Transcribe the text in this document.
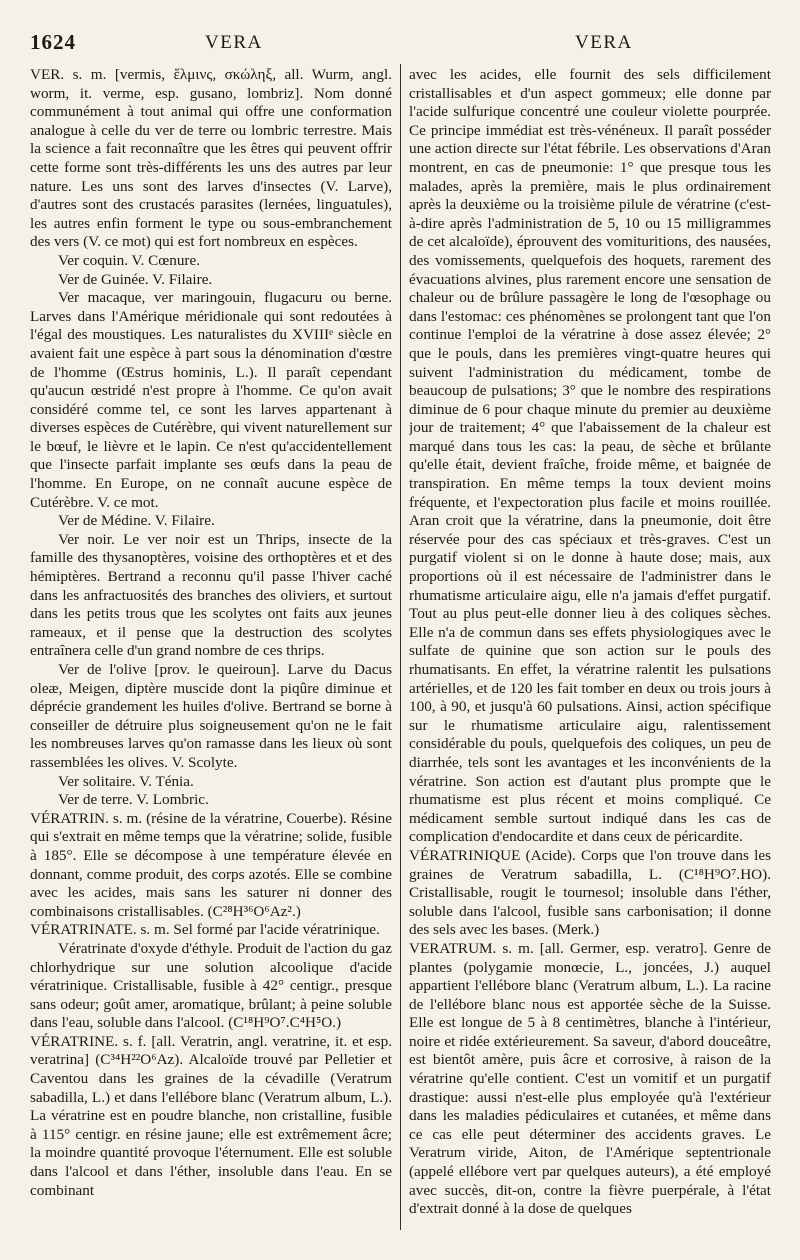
1624	VERA	VERA

VER. s. m. [vermis, ἕλμινς, σκώληξ, all. Wurm, angl. worm, it. verme, esp. gusano, lombriz]. Nom donné communément à tout animal qui offre une conformation analogue à celle du ver de terre ou lombric terrestre. Mais la science a fait reconnaître que les êtres qui peuvent offrir cette forme sont très-différents les uns des autres par leur nature. Les uns sont des larves d'insectes (V. Larve), d'autres sont des crustacés parasites (lernées, linguatules), les autres enfin forment le type ou sous-embranchement des vers (V. ce mot) qui est fort nombreux en espèces.

Ver coquin. V. Cœnure.

Ver de Guinée. V. Filaire.

Ver macaque, ver maringouin, flugacuru ou berne. Larves dans l'Amérique méridionale qui sont redoutées à l'égal des moustiques. Les naturalistes du XVIIIᵉ siècle en avaient fait une espèce à part sous la dénomination d'œstre de l'homme (Œstrus hominis, L.). Il paraît cependant qu'aucun œstridé n'est propre à l'homme. Ce qu'on avait considéré comme tel, ce sont les larves appartenant à diverses espèces de Cutérèbre, qui vivent naturellement sur le bœuf, le lièvre et le lapin. Ce n'est qu'accidentellement que l'insecte parfait implante ses œufs dans la peau de l'homme. En Europe, on ne connaît aucune espèce de Cutérèbre. V. ce mot.

Ver de Médine. V. Filaire.

Ver noir. Le ver noir est un Thrips, insecte de la famille des thysanoptères, voisine des orthoptères et et des hémiptères. Bertrand a reconnu qu'il passe l'hiver caché dans les anfractuosités des branches des oliviers, et surtout dans les petits trous que les scolytes ont faits aux jeunes rameaux, et il pense que la destruction des scolytes entraînera celle d'un grand nombre de ces thrips.

Ver de l'olive [prov. le queiroun]. Larve du Dacus oleæ, Meigen, diptère muscide dont la piqûre diminue et déprécie grandement les huiles d'olive. Bertrand se borne à conseiller de détruire plus soigneusement qu'on ne le fait les nombreuses larves qu'on ramasse dans les lieux où sont rassemblées les olives. V. Scolyte.

Ver solitaire. V. Ténia.

Ver de terre. V. Lombric.

VÉRATRIN. s. m. (résine de la vératrine, Couerbe). Résine qui s'extrait en même temps que la vératrine; solide, fusible à 185°. Elle se décompose à une température élevée en donnant, comme produit, des corps azotés. Elle se combine avec les acides, mais sans les saturer ni donner des combinaisons cristallisables. (C²⁸H³⁶O⁶Az².)

VÉRATRINATE. s. m. Sel formé par l'acide vératrinique.

Vératrinate d'oxyde d'éthyle. Produit de l'action du gaz chlorhydrique sur une solution alcoolique d'acide vératrinique. Cristallisable, fusible à 42° centigr., presque sans odeur; goût amer, aromatique, brûlant; à peine soluble dans l'eau, soluble dans l'alcool. (C¹⁸H⁹O⁷.C⁴H⁵O.)

VÉRATRINE. s. f. [all. Veratrin, angl. veratrine, it. et esp. veratrina] (C³⁴H²²O⁶Az). Alcaloïde trouvé par Pelletier et Caventou dans les graines de la cévadille (Veratrum sabadilla, L.) et dans l'ellébore blanc (Veratrum album, L.). La vératrine est en poudre blanche, non cristalline, fusible à 115° centigr. en résine jaune; elle est extrêmement âcre; la moindre quantité provoque l'éternument. Elle est soluble dans l'alcool et dans l'éther, insoluble dans l'eau. En se combinant

avec les acides, elle fournit des sels difficilement cristallisables et d'un aspect gommeux; elle donne par l'acide sulfurique concentré une couleur violette pourprée. Ce principe immédiat est très-vénéneux. Il paraît posséder une action directe sur l'état fébrile. Les observations d'Aran montrent, en cas de pneumonie: 1° que presque tous les malades, après la première, mais le plus ordinairement après la deuxième ou la troisième pilule de vératrine (c'est-à-dire après l'administration de 5, 10 ou 15 milligrammes de cet alcaloïde), éprouvent des vomituritions, des nausées, des vomissements, quelquefois des hoquets, rarement des évacuations alvines, plus rarement encore une sensation de chaleur ou de brûlure passagère le long de l'œsophage ou dans l'estomac: ces phénomènes se prolongent tant que l'on continue l'emploi de la vératrine à dose assez élevée; 2° que le pouls, dans les premières vingt-quatre heures qui suivent l'administration du médicament, tombe de beaucoup de pulsations; 3° que le nombre des respirations diminue de 6 pour chaque minute du premier au deuxième jour de traitement; 4° que l'abaissement de la chaleur est marqué dans tous les cas: la peau, de sèche et brûlante qu'elle était, devient fraîche, froide même, et baignée de transpiration. En même temps la toux devient moins fréquente, et l'expectoration plus facile et moins rouillée. Aran croit que la vératrine, dans la pneumonie, doit être réservée pour des cas spéciaux et très-graves. C'est un purgatif violent si on le donne à haute dose; mais, aux proportions où il est nécessaire de l'administrer dans le rhumatisme articulaire aigu, elle n'a jamais d'effet purgatif. Tout au plus peut-elle donner lieu à des coliques sèches. Elle n'a de commun dans ses effets physiologiques avec le sulfate de quinine que son action sur le pouls des rhumatisants. En effet, la vératrine ralentit les pulsations artérielles, et de 120 les fait tomber en deux ou trois jours à 100, à 90, et jusqu'à 60 pulsations. Ainsi, action spécifique sur le rhumatisme articulaire aigu, ralentissement considérable du pouls, quelquefois des coliques, un peu de diarrhée, tels sont les avantages et les inconvénients de la vératrine. Son action est d'autant plus prompte que le rhumatisme est plus récent et moins compliqué. Ce médicament semble surtout indiqué dans les cas de complication d'endocardite et dans ceux de péricardite.

VÉRATRINIQUE (Acide). Corps que l'on trouve dans les graines de Veratrum sabadilla, L. (C¹⁸H⁹O⁷.HO). Cristallisable, rougit le tournesol; insoluble dans l'éther, soluble dans l'alcool, fusible sans carbonisation; il donne des sels avec les bases. (Merk.)

VERATRUM. s. m. [all. Germer, esp. veratro]. Genre de plantes (polygamie monœcie, L., joncées, J.) auquel appartient l'ellébore blanc (Veratrum album, L.). La racine de l'ellébore blanc nous est apportée sèche de la Suisse. Elle est longue de 5 à 8 centimètres, blanche à l'intérieur, noire et ridée extérieurement. Sa saveur, d'abord douceâtre, est bientôt amère, puis âcre et corrosive, à raison de la vératrine qu'elle contient. C'est un vomitif et un purgatif drastique: aussi n'est-elle plus employée qu'à l'extérieur dans les maladies pédiculaires et cutanées, et même dans ce cas elle peut déterminer des accidents graves. Le Veratrum viride, Aiton, de l'Amérique septentrionale (appelé ellébore vert par quelques auteurs), a été employé avec succès, dit-on, contre la fièvre puerpérale, à l'état d'extrait donné à la dose de quelques
